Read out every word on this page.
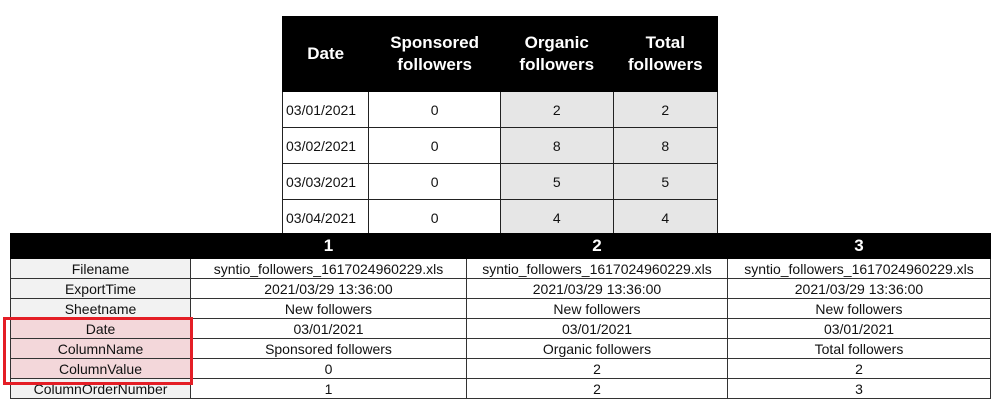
Date	Sponsored followers	Organic followers	Total followers
03/01/2021	0	2	2
03/02/2021	0	8	8
03/03/2021	0	5	5
03/04/2021	0	4	4
	1	2	3
Filename	syntio_followers_1617024960229.xls	syntio_followers_1617024960229.xls	syntio_followers_1617024960229.xls
ExportTime	2021/03/29 13:36:00	2021/03/29 13:36:00	2021/03/29 13:36:00
Sheetname	New followers	New followers	New followers
Date	03/01/2021	03/01/2021	03/01/2021
ColumnName	Sponsored followers	Organic followers	Total followers
ColumnValue	0	2	2
ColumnOrderNumber	1	2	3
